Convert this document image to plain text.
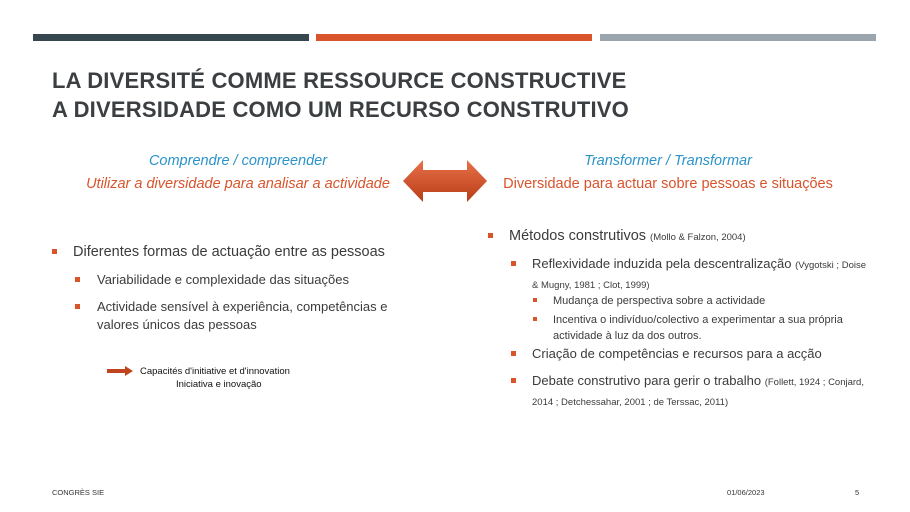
LA DIVERSITÉ COMME RESSOURCE CONSTRUCTIVE
A DIVERSIDADE COMO UM RECURSO CONSTRUTIVO
Comprendre / compreender
Utilizar a diversidade para analisar a actividade
Transformer / Transformar
Diversidade para actuar sobre pessoas e situações
Diferentes formas de actuação entre as pessoas
Variabilidade e complexidade das situações
Actividade sensível à experiência, competências e valores únicos das pessoas
Capacités d'initiative et d'innovation
Iniciativa e inovação
Métodos construtivos (Mollo & Falzon, 2004)
Reflexividade induzida pela descentralização (Vygotski ; Doise & Mugny, 1981 ; Clot, 1999)
Mudança de perspectiva sobre a actividade
Incentiva o indivíduo/colectivo a experimentar a sua própria actividade à luz da dos outros.
Criação de competências e recursos para a acção
Debate construtivo para gerir o trabalho (Follett, 1924 ; Conjard, 2014 ; Detchessahar, 2001 ; de Terssac, 2011)
CONGRÈS SIE	01/06/2023	5
